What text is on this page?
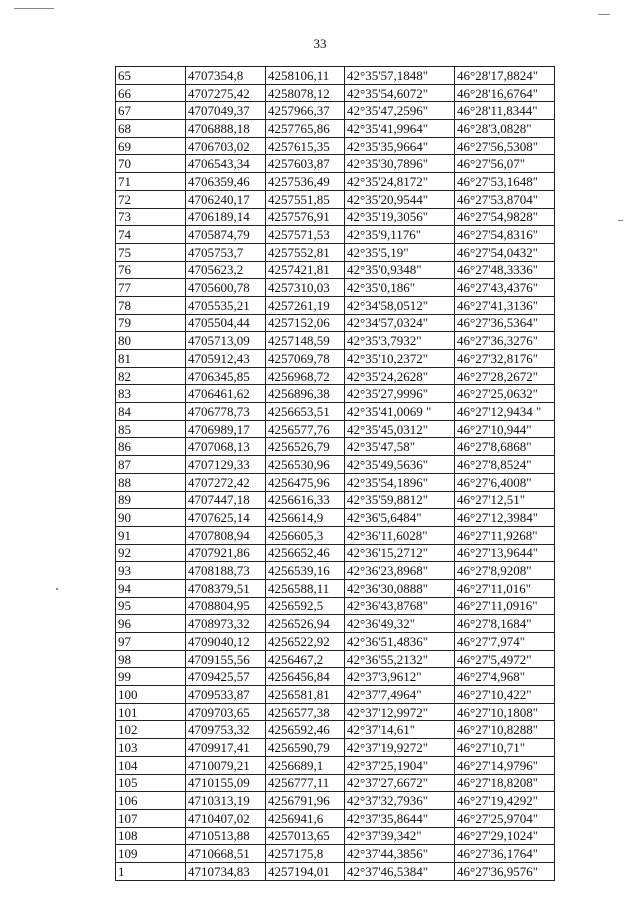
33
65	4707354,8	4258106,11	42°35'57,1848"	46°28'17,8824"
66	4707275,42	4258078,12	42°35'54,6072"	46°28'16,6764"
67	4707049,37	4257966,37	42°35'47,2596"	46°28'11,8344"
68	4706888,18	4257765,86	42°35'41,9964"	46°28'3,0828"
69	4706703,02	4257615,35	42°35'35,9664"	46°27'56,5308"
70	4706543,34	4257603,87	42°35'30,7896"	46°27'56,07"
71	4706359,46	4257536,49	42°35'24,8172"	46°27'53,1648"
72	4706240,17	4257551,85	42°35'20,9544"	46°27'53,8704"
73	4706189,14	4257576,91	42°35'19,3056"	46°27'54,9828"
74	4705874,79	4257571,53	42°35'9,1176"	46°27'54,8316"
75	4705753,7	4257552,81	42°35'5,19"	46°27'54,0432"
76	4705623,2	4257421,81	42°35'0,9348"	46°27'48,3336"
77	4705600,78	4257310,03	42°35'0,186"	46°27'43,4376"
78	4705535,21	4257261,19	42°34'58,0512"	46°27'41,3136"
79	4705504,44	4257152,06	42°34'57,0324"	46°27'36,5364"
80	4705713,09	4257148,59	42°35'3,7932"	46°27'36,3276"
81	4705912,43	4257069,78	42°35'10,2372"	46°27'32,8176"
82	4706345,85	4256968,72	42°35'24,2628"	46°27'28,2672"
83	4706461,62	4256896,38	42°35'27,9996"	46°27'25,0632"
84	4706778,73	4256653,51	42°35'41,0069 "	46°27'12,9434 "
85	4706989,17	4256577,76	42°35'45,0312"	46°27'10,944"
86	4707068,13	4256526,79	42°35'47,58"	46°27'8,6868"
87	4707129,33	4256530,96	42°35'49,5636"	46°27'8,8524"
88	4707272,42	4256475,96	42°35'54,1896"	46°27'6,4008"
89	4707447,18	4256616,33	42°35'59,8812"	46°27'12,51"
90	4707625,14	4256614,9	42°36'5,6484"	46°27'12,3984"
91	4707808,94	4256605,3	42°36'11,6028"	46°27'11,9268"
92	4707921,86	4256652,46	42°36'15,2712"	46°27'13,9644"
93	4708188,73	4256539,16	42°36'23,8968"	46°27'8,9208"
94	4708379,51	4256588,11	42°36'30,0888"	46°27'11,016"
95	4708804,95	4256592,5	42°36'43,8768"	46°27'11,0916"
96	4708973,32	4256526,94	42°36'49,32"	46°27'8,1684"
97	4709040,12	4256522,92	42°36'51,4836"	46°27'7,974"
98	4709155,56	4256467,2	42°36'55,2132"	46°27'5,4972"
99	4709425,57	4256456,84	42°37'3,9612"	46°27'4,968"
100	4709533,87	4256581,81	42°37'7,4964"	46°27'10,422"
101	4709703,65	4256577,38	42°37'12,9972"	46°27'10,1808"
102	4709753,32	4256592,46	42°37'14,61"	46°27'10,8288"
103	4709917,41	4256590,79	42°37'19,9272"	46°27'10,71"
104	4710079,21	4256689,1	42°37'25,1904"	46°27'14,9796"
105	4710155,09	4256777,11	42°37'27,6672"	46°27'18,8208"
106	4710313,19	4256791,96	42°37'32,7936"	46°27'19,4292"
107	4710407,02	4256941,6	42°37'35,8644"	46°27'25,9704"
108	4710513,88	4257013,65	42°37'39,342"	46°27'29,1024"
109	4710668,51	4257175,8	42°37'44,3856"	46°27'36,1764"
1	4710734,83	4257194,01	42°37'46,5384"	46°27'36,9576"
